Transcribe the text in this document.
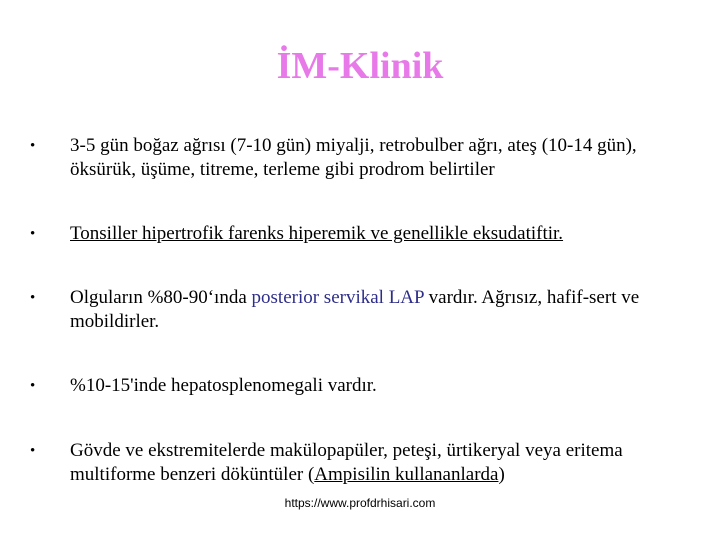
İM-Klinik
• 3-5 gün boğaz ağrısı (7-10 gün) miyalji, retrobulber ağrı, ateş (10-14 gün), öksürük, üşüme, titreme, terleme gibi prodrom belirtiler
• Tonsiller hipertrofik farenks hiperemik ve genellikle eksudatiftir.
• Olguların %80-90‘ında posterior servikal LAP vardır. Ağrısız, hafif-sert ve mobildirler.
• %10-15'inde hepatosplenomegali vardır.
• Gövde ve ekstremitelerde makülopapüler, peteşi, ürtikeryal veya eritema multiforme benzeri döküntüler (Ampisilin kullananlarda)
https://www.profdrhisari.com
